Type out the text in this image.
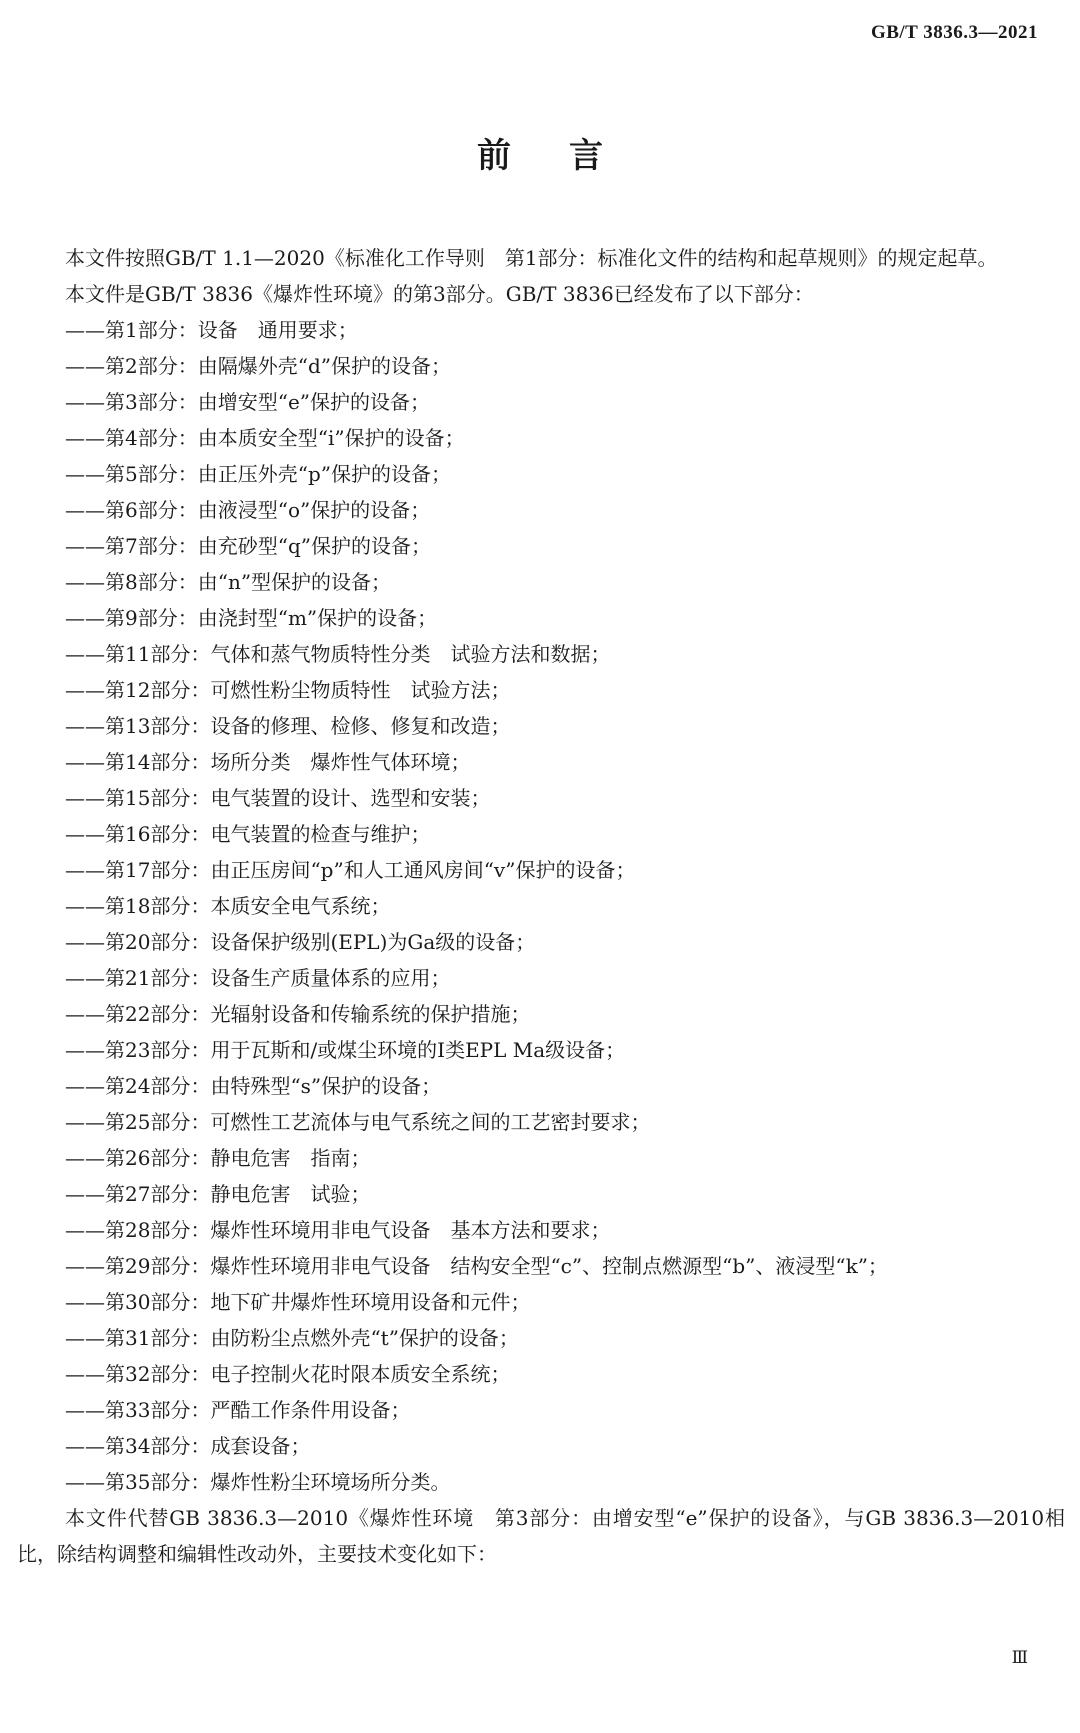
GB/T 3836.3—2021
前言

本文件按照GB/T 1.1—2020《标准化工作导则　第1部分：标准化文件的结构和起草规则》的规定起草。

本文件是GB/T 3836《爆炸性环境》的第3部分。GB/T 3836已经发布了以下部分：

——第1部分：设备　通用要求；
——第2部分：由隔爆外壳“d”保护的设备；
——第3部分：由增安型“e”保护的设备；
——第4部分：由本质安全型“i”保护的设备；
——第5部分：由正压外壳“p”保护的设备；
——第6部分：由液浸型“o”保护的设备；
——第7部分：由充砂型“q”保护的设备；
——第8部分：由“n”型保护的设备；
——第9部分：由浇封型“m”保护的设备；
——第11部分：气体和蒸气物质特性分类　试验方法和数据；
——第12部分：可燃性粉尘物质特性　试验方法；
——第13部分：设备的修理、检修、修复和改造；
——第14部分：场所分类　爆炸性气体环境；
——第15部分：电气装置的设计、选型和安装；
——第16部分：电气装置的检查与维护；
——第17部分：由正压房间“p”和人工通风房间“v”保护的设备；
——第18部分：本质安全电气系统；
——第20部分：设备保护级别(EPL)为Ga级的设备；
——第21部分：设备生产质量体系的应用；
——第22部分：光辐射设备和传输系统的保护措施；
——第23部分：用于瓦斯和/或煤尘环境的Ⅰ类EPL Ma级设备；
——第24部分：由特殊型“s”保护的设备；
——第25部分：可燃性工艺流体与电气系统之间的工艺密封要求；
——第26部分：静电危害　指南；
——第27部分：静电危害　试验；
——第28部分：爆炸性环境用非电气设备　基本方法和要求；
——第29部分：爆炸性环境用非电气设备　结构安全型“c”、控制点燃源型“b”、液浸型“k”；
——第30部分：地下矿井爆炸性环境用设备和元件；
——第31部分：由防粉尘点燃外壳“t”保护的设备；
——第32部分：电子控制火花时限本质安全系统；
——第33部分：严酷工作条件用设备；
——第34部分：成套设备；
——第35部分：爆炸性粉尘环境场所分类。

本文件代替GB 3836.3—2010《爆炸性环境　第3部分：由增安型“e”保护的设备》，与GB 3836.3—2010相比，除结构调整和编辑性改动外，主要技术变化如下：

Ⅲ
